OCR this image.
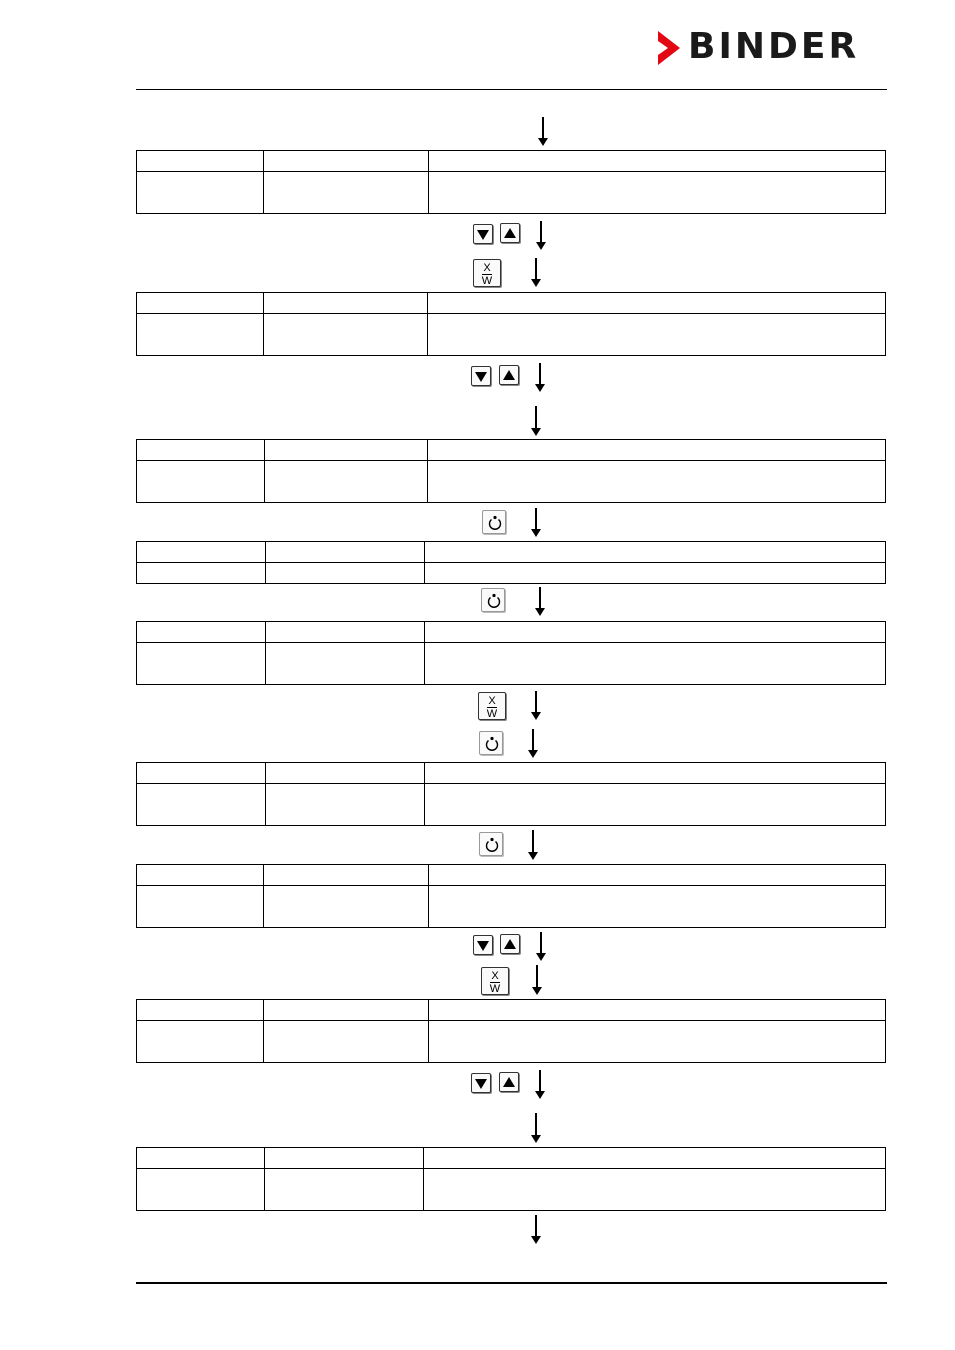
BINDER

X
W

X
W

X
W
